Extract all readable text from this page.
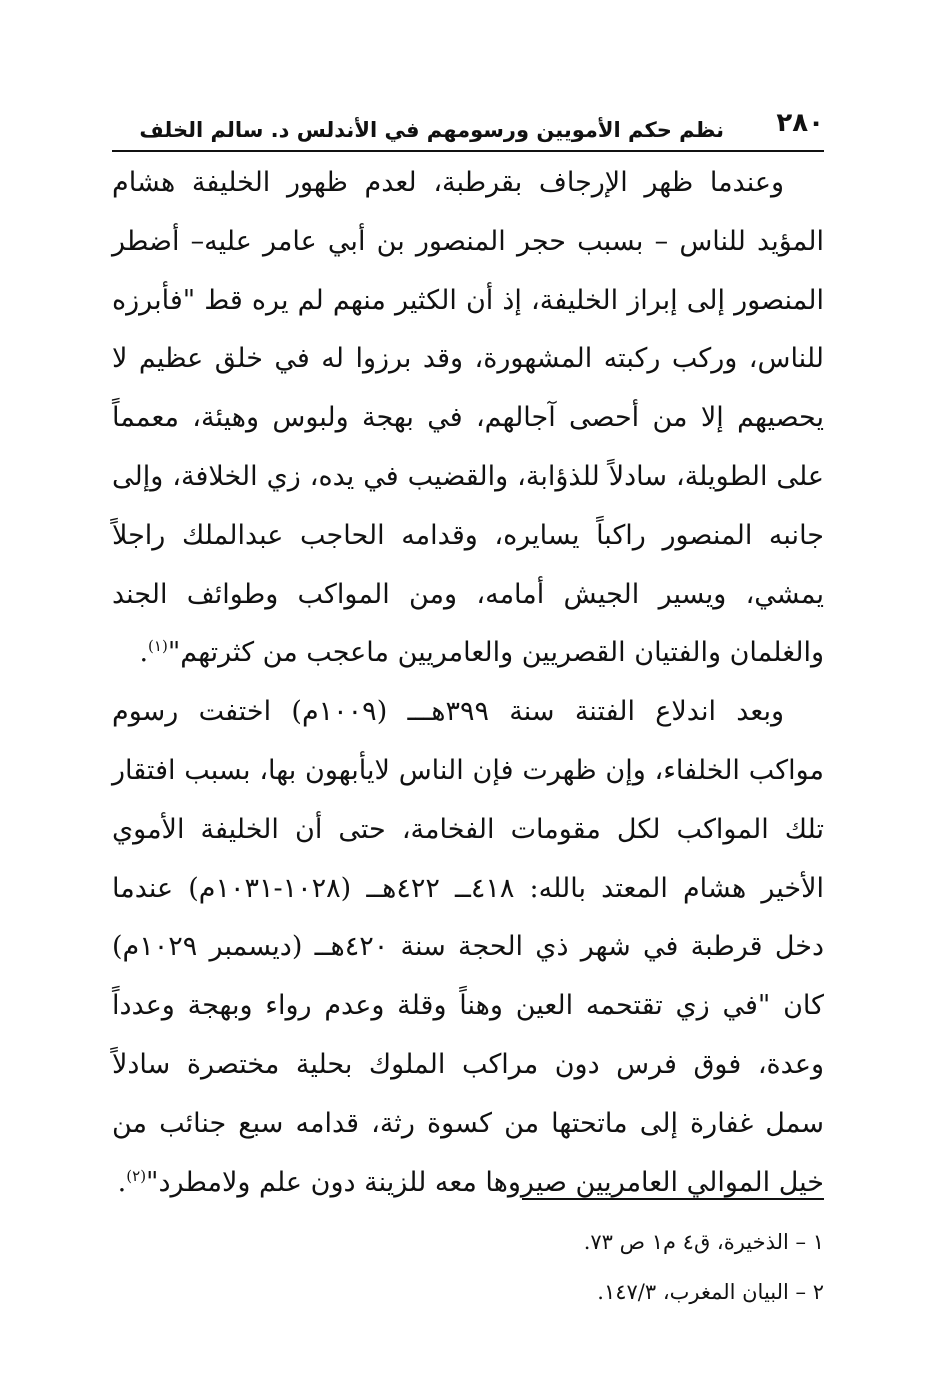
٢٨٠
نظم حكم الأمويين ورسومهم في الأندلس د. سالم الخلف

وعندما ظهر الإرجاف بقرطبة، لعدم ظهور الخليفة هشام المؤيد للناس – بسبب حجر المنصور بن أبي عامر عليه– أضطر المنصور إلى إبراز الخليفة، إذ أن الكثير منهم لم يره قط "فأبرزه للناس، وركب ركبته المشهورة، وقد برزوا له في خلق عظيم لا يحصيهم إلا من أحصى آجالهم، في بهجة ولبوس وهيئة، معمماً على الطويلة، سادلاً للذؤابة، والقضيب في يده، زي الخلافة، وإلى جانبه المنصور راكباً يسايره، وقدامه الحاجب عبدالملك راجلاً يمشي، ويسير الجيش أمامه، ومن المواكب وطوائف الجند والغلمان والفتيان القصريين والعامريين ماعجب من كثرتهم"$^{(١)}$.

وبعد اندلاع الفتنة سنة ٣٩٩هـــ (١٠٠٩م) اختفت رسوم مواكب الخلفاء، وإن ظهرت فإن الناس لايأبهون بها، بسبب افتقار تلك المواكب لكل مقومات الفخامة، حتى أن الخليفة الأموي الأخير هشام المعتد بالله: ٤١٨ــ ٤٢٢هــ (١٠٢٨-١٠٣١م) عندما دخل قرطبة في شهر ذي الحجة سنة ٤٢٠هــ (ديسمبر ١٠٢٩م) كان "في زي تقتحمه العين وهناً وقلة وعدم رواء وبهجة وعدداً وعدة، فوق فرس دون مراكب الملوك بحلية مختصرة سادلاً سمل غفارة إلى ماتحتها من كسوة رثة، قدامه سبع جنائب من خيل الموالي العامريين صيروها معه للزينة دون علم ولامطرد"$^{(٢)}$.

١ – الذخيرة، ق٤ م١ ص ٧٣.

٢ – البيان المغرب، ١٤٧/٣.
